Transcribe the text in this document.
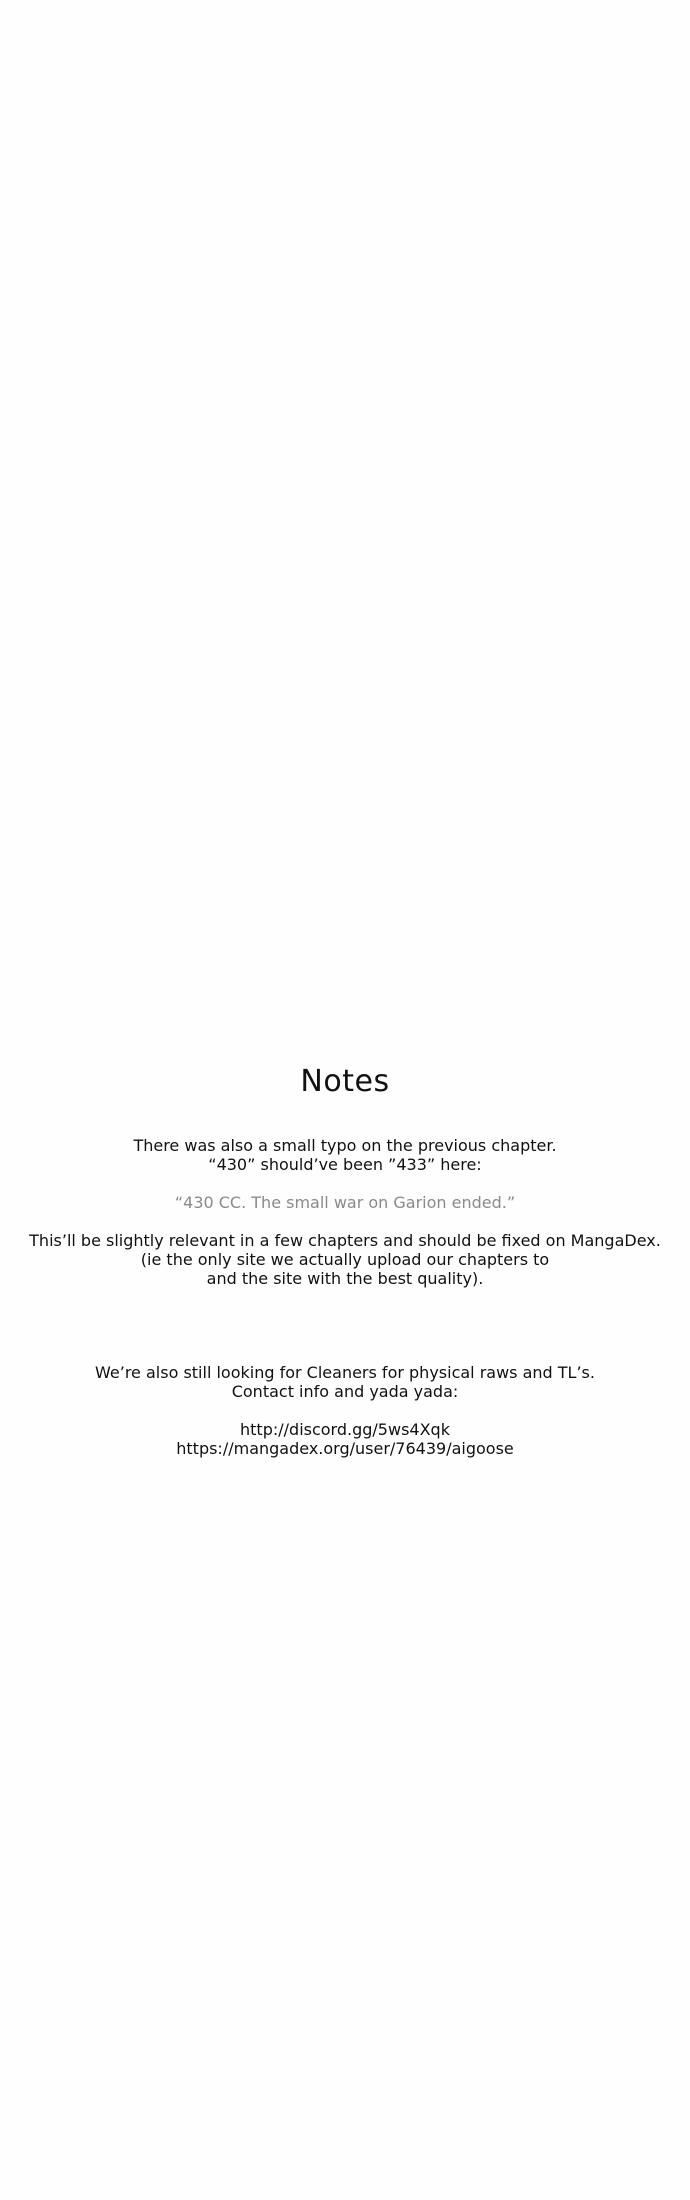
Notes
There was also a small typo on the previous chapter.
“430” should’ve been ”433” here:
“430 CC. The small war on Garion ended.”
This’ll be slightly relevant in a few chapters and should be fixed on MangaDex.
(ie the only site we actually upload our chapters to
and the site with the best quality).
We’re also still looking for Cleaners for physical raws and TL’s.
Contact info and yada yada:
http://discord.gg/5ws4Xqk
https://mangadex.org/user/76439/aigoose
